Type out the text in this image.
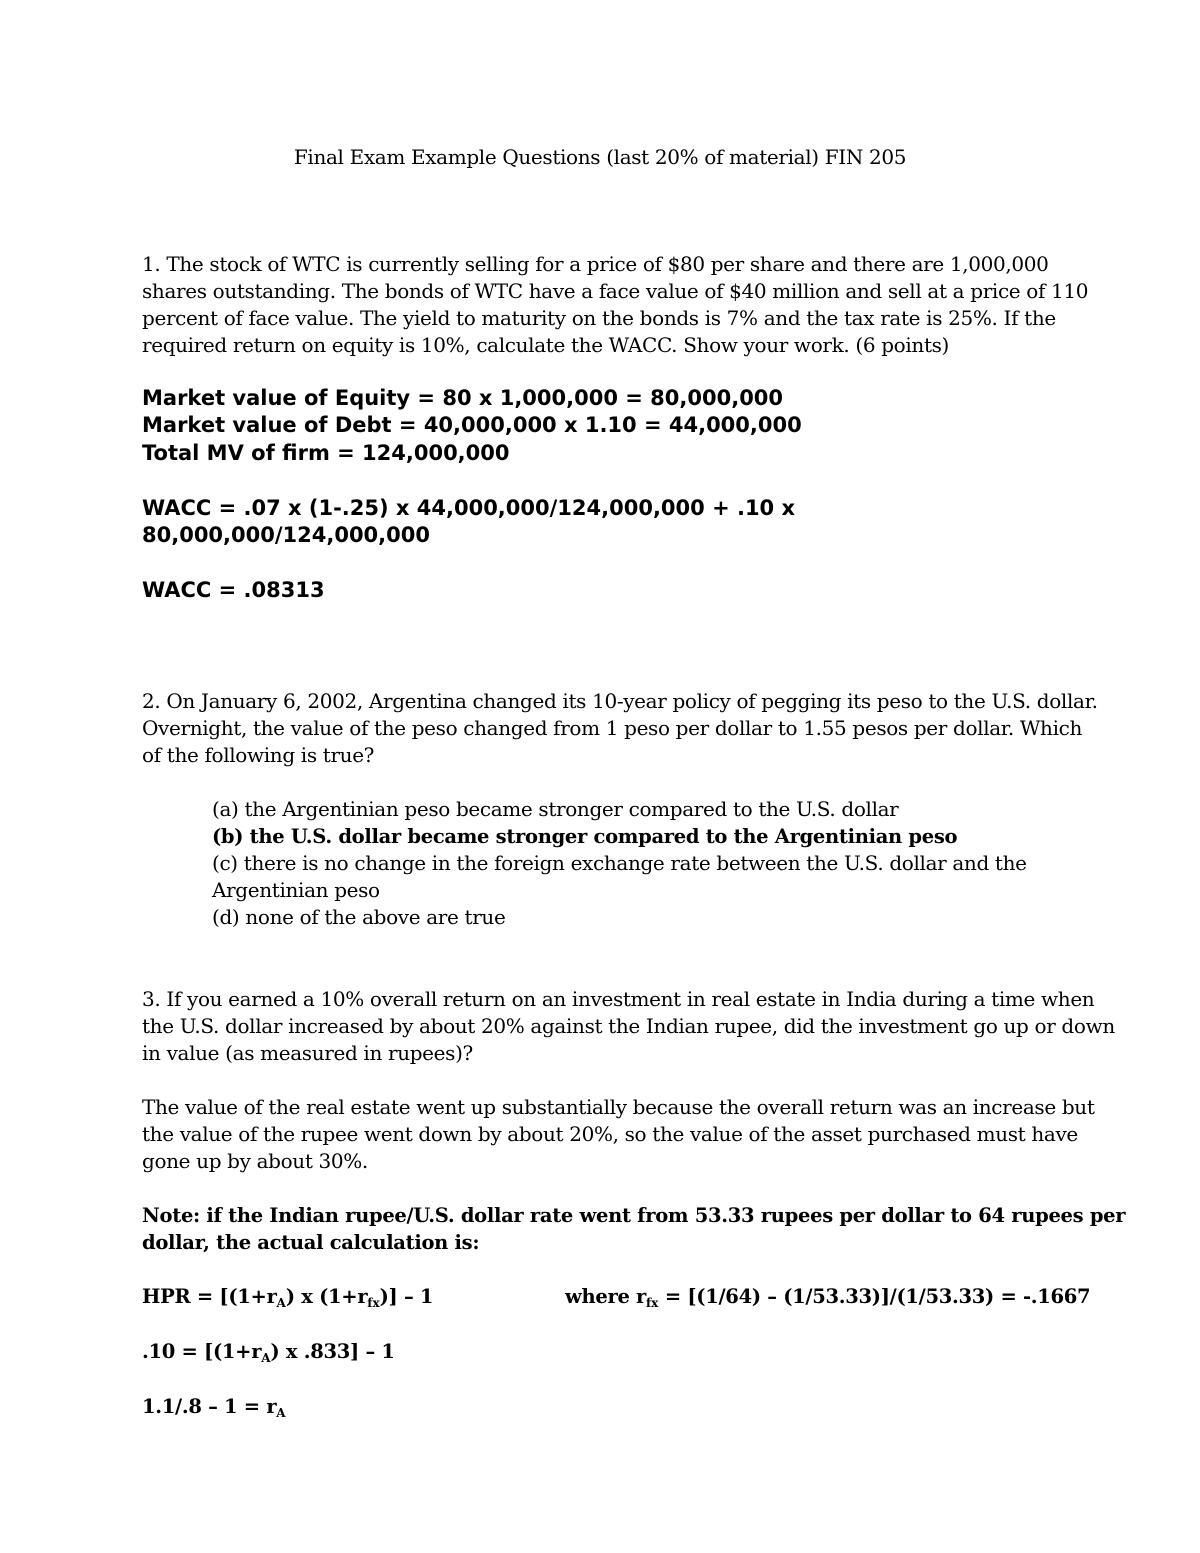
Final Exam Example Questions (last 20% of material) FIN 205
1. The stock of WTC is currently selling for a price of $80 per share and there are 1,000,000
shares outstanding. The bonds of WTC have a face value of $40 million and sell at a price of 110
percent of face value. The yield to maturity on the bonds is 7% and the tax rate is 25%. If the
required return on equity is 10%, calculate the WACC. Show your work. (6 points)
Market value of Equity = 80 x 1,000,000 = 80,000,000
Market value of Debt = 40,000,000 x 1.10 = 44,000,000
Total MV of firm = 124,000,000
WACC = .07 x (1-.25) x 44,000,000/124,000,000 + .10 x
80,000,000/124,000,000
WACC = .08313
2. On January 6, 2002, Argentina changed its 10-year policy of pegging its peso to the U.S. dollar.
Overnight, the value of the peso changed from 1 peso per dollar to 1.55 pesos per dollar. Which
of the following is true?
(a) the Argentinian peso became stronger compared to the U.S. dollar
(b) the U.S. dollar became stronger compared to the Argentinian peso
(c) there is no change in the foreign exchange rate between the U.S. dollar and the
Argentinian peso
(d) none of the above are true
3. If you earned a 10% overall return on an investment in real estate in India during a time when
the U.S. dollar increased by about 20% against the Indian rupee, did the investment go up or down
in value (as measured in rupees)?
The value of the real estate went up substantially because the overall return was an increase but
the value of the rupee went down by about 20%, so the value of the asset purchased must have
gone up by about 30%.
Note: if the Indian rupee/U.S. dollar rate went from 53.33 rupees per dollar to 64 rupees per
dollar, the actual calculation is:
HPR = [$(1+r_A)$ x $(1+r_{fx})] - 1$	where $r_{fx} = [(1/64) - (1/53.33)]/(1/53.33) = -.1667$
$.10 = [(1+r_A)$ x .833] – 1
$1.1/.8 - 1 = r_A$
